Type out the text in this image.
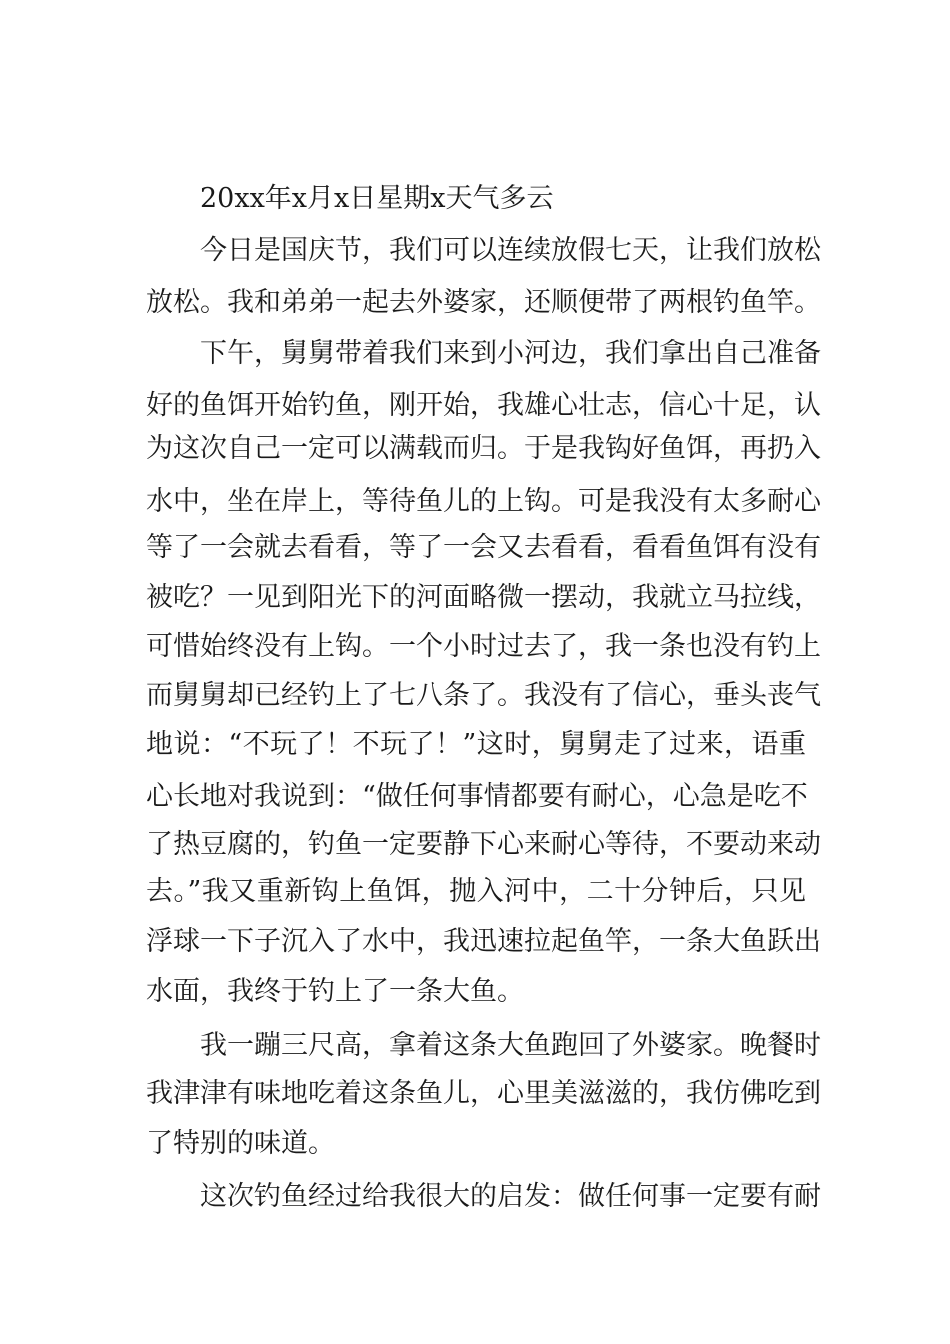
20xx年x月x日星期x天气多云
今日是国庆节，我们可以连续放假七天，让我们放松
放松。我和弟弟一起去外婆家，还顺便带了两根钓鱼竿。
下午，舅舅带着我们来到小河边，我们拿出自己准备
好的鱼饵开始钓鱼，刚开始，我雄心壮志，信心十足，认
为这次自己一定可以满载而归。于是我钩好鱼饵，再扔入
水中，坐在岸上，等待鱼儿的上钩。可是我没有太多耐心
等了一会就去看看，等了一会又去看看，看看鱼饵有没有
被吃？一见到阳光下的河面略微一摆动，我就立马拉线，
可惜始终没有上钩。一个小时过去了，我一条也没有钓上
而舅舅却已经钓上了七八条了。我没有了信心，垂头丧气
地说：“不玩了！不玩了！”这时，舅舅走了过来，语重
心长地对我说到：“做任何事情都要有耐心，心急是吃不
了热豆腐的，钓鱼一定要静下心来耐心等待，不要动来动
去。”我又重新钩上鱼饵，抛入河中，二十分钟后，只见
浮球一下子沉入了水中，我迅速拉起鱼竿，一条大鱼跃出
水面，我终于钓上了一条大鱼。
我一蹦三尺高，拿着这条大鱼跑回了外婆家。晚餐时
我津津有味地吃着这条鱼儿，心里美滋滋的，我仿佛吃到
了特别的味道。
这次钓鱼经过给我很大的启发：做任何事一定要有耐
